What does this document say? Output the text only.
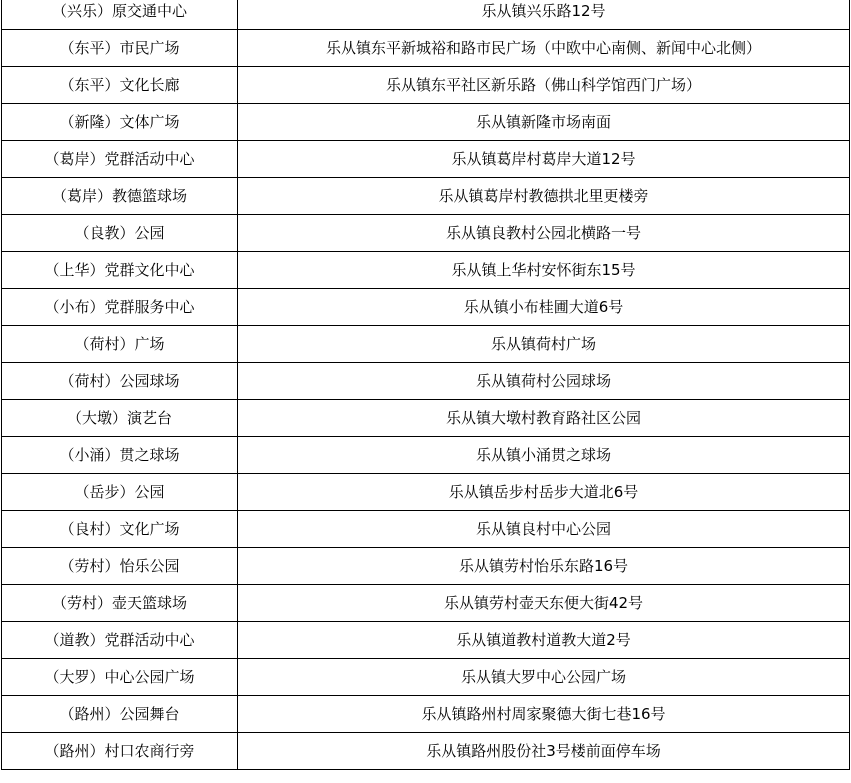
（兴乐）原交通中心	乐从镇兴乐路12号
（东平）市民广场	乐从镇东平新城裕和路市民广场（中欧中心南侧、新闻中心北侧）
（东平）文化长廊	乐从镇东平社区新乐路（佛山科学馆西门广场）
（新隆）文体广场	乐从镇新隆市场南面
（葛岸）党群活动中心	乐从镇葛岸村葛岸大道12号
（葛岸）教德篮球场	乐从镇葛岸村教德拱北里更楼旁
（良教）公园	乐从镇良教村公园北横路一号
（上华）党群文化中心	乐从镇上华村安怀街东15号
（小布）党群服务中心	乐从镇小布桂圃大道6号
（荷村）广场	乐从镇荷村广场
（荷村）公园球场	乐从镇荷村公园球场
（大墩）演艺台	乐从镇大墩村教育路社区公园
（小涌）贯之球场	乐从镇小涌贯之球场
（岳步）公园	乐从镇岳步村岳步大道北6号
（良村）文化广场	乐从镇良村中心公园
（劳村）怡乐公园	乐从镇劳村怡乐东路16号
（劳村）壶天篮球场	乐从镇劳村壶天东便大街42号
（道教）党群活动中心	乐从镇道教村道教大道2号
（大罗）中心公园广场	乐从镇大罗中心公园广场
（路州）公园舞台	乐从镇路州村周家聚德大街七巷16号
（路州）村口农商行旁	乐从镇路州股份社3号楼前面停车场
